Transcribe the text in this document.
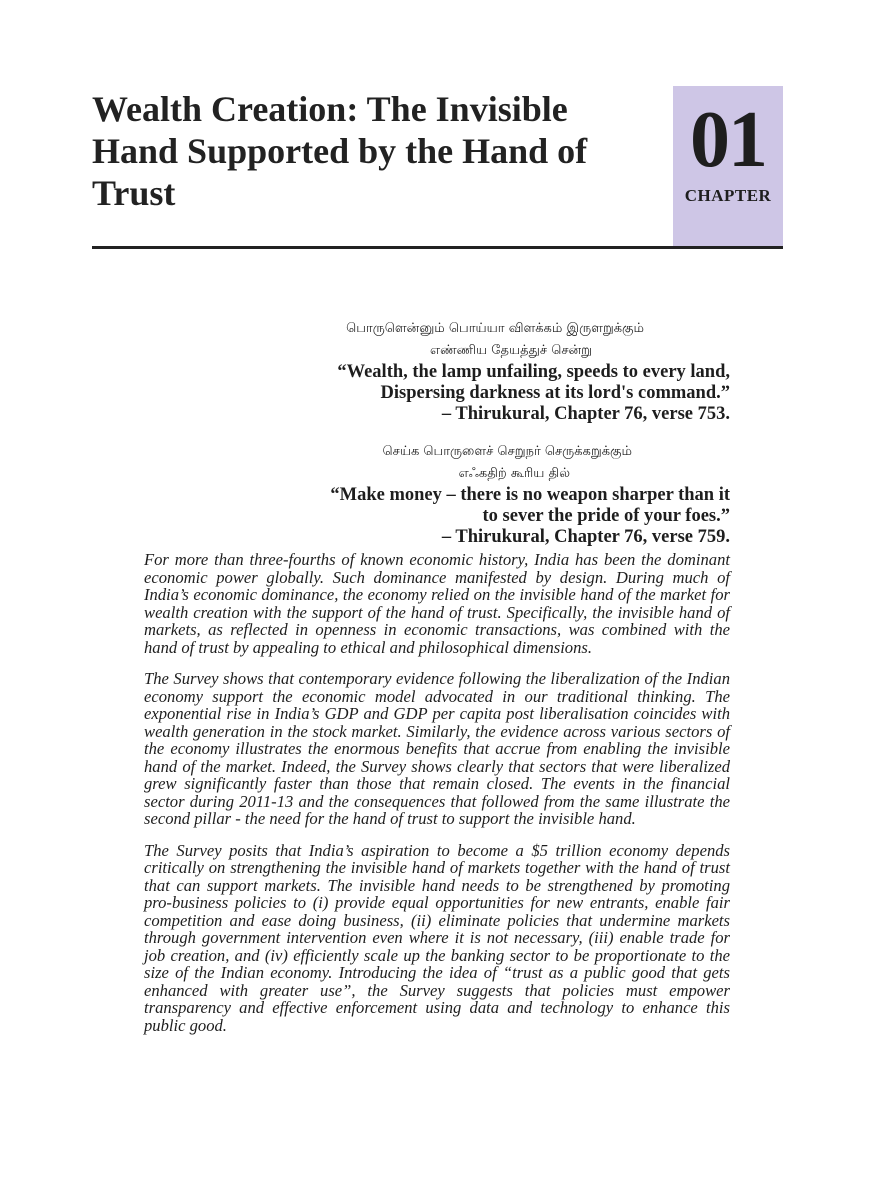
Wealth Creation: The Invisible Hand Supported by the Hand of Trust
01
CHAPTER
பொருளென்னும் பொய்யா விளக்கம் இருளறுக்கும்
எண்ணிய தேயத்துச் சென்று
“Wealth, the lamp unfailing, speeds to every land,
Dispersing darkness at its lord's command.”
– Thirukural, Chapter 76, verse 753.
செய்க பொருளைச் செறுநர் செருக்கறுக்கும்
எஃகதிற் கூரிய தில்
“Make money – there is no weapon sharper than it
to sever the pride of your foes.”
– Thirukural, Chapter 76, verse 759.

For more than three-fourths of known economic history, India has been the dominant economic power globally. Such dominance manifested by design. During much of India’s economic dominance, the economy relied on the invisible hand of the market for wealth creation with the support of the hand of trust. Specifically, the invisible hand of markets, as reflected in openness in economic transactions, was combined with the hand of trust by appealing to ethical and philosophical dimensions.

The Survey shows that contemporary evidence following the liberalization of the Indian economy support the economic model advocated in our traditional thinking. The exponential rise in India’s GDP and GDP per capita post liberalisation coincides with wealth generation in the stock market. Similarly, the evidence across various sectors of the economy illustrates the enormous benefits that accrue from enabling the invisible hand of the market. Indeed, the Survey shows clearly that sectors that were liberalized grew significantly faster than those that remain closed. The events in the financial sector during 2011-13 and the consequences that followed from the same illustrate the second pillar - the need for the hand of trust to support the invisible hand.

The Survey posits that India’s aspiration to become a $5 trillion economy depends critically on strengthening the invisible hand of markets together with the hand of trust that can support markets. The invisible hand needs to be strengthened by promoting pro-business policies to (i) provide equal opportunities for new entrants, enable fair competition and ease doing business, (ii) eliminate policies that undermine markets through government intervention even where it is not necessary, (iii) enable trade for job creation, and (iv) efficiently scale up the banking sector to be proportionate to the size of the Indian economy. Introducing the idea of “trust as a public good that gets enhanced with greater use”, the Survey suggests that policies must empower transparency and effective enforcement using data and technology to enhance this public good.
